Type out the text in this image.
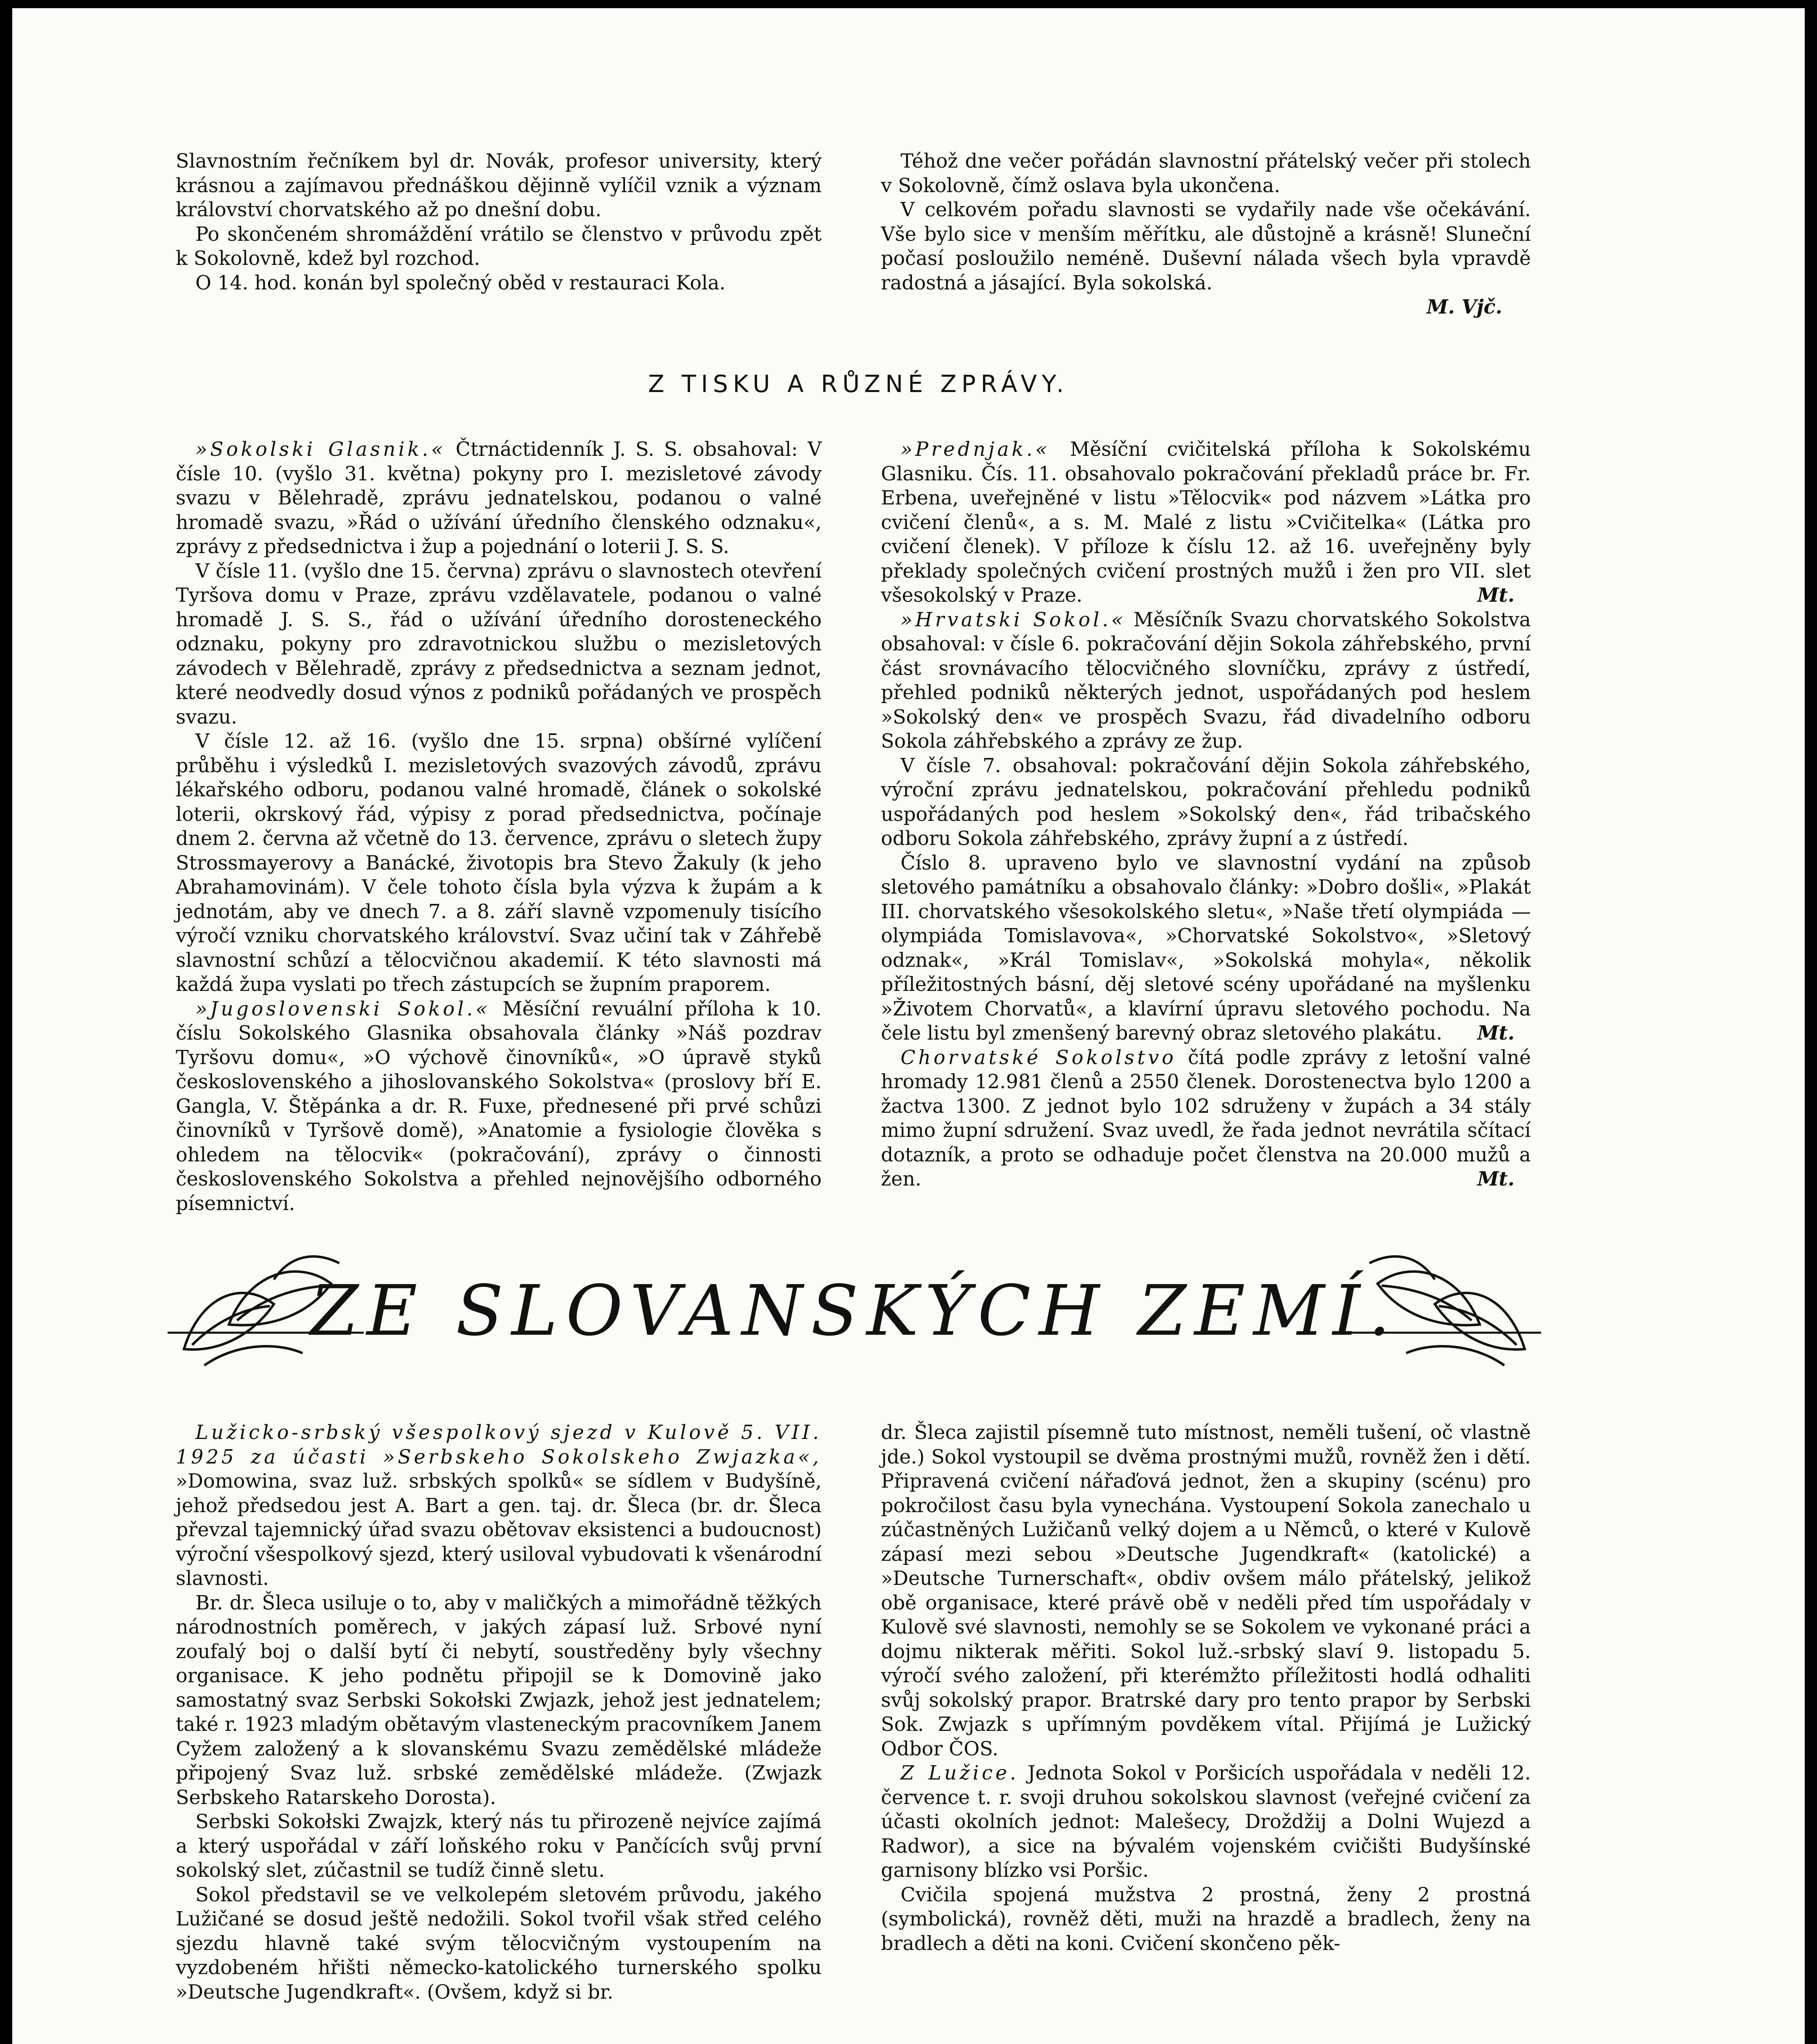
Slavnostním řečníkem byl dr. Novák, profesor university, který krásnou a zajímavou přednáškou dějinně vylíčil vznik a význam království chorvatského až po dnešní dobu.

Po skončeném shromáždění vrátilo se členstvo v průvodu zpět k Sokolovně, kdež byl rozchod.

O 14. hod. konán byl společný oběd v restauraci Kola.

Téhož dne večer pořádán slavnostní přátelský večer při stolech v Sokolovně, čímž oslava byla ukončena.

V celkovém pořadu slavnosti se vydařily nade vše očekávání. Vše bylo sice v menším měřítku, ale důstojně a krásně! Sluneční počasí posloužilo neméně. Duševní nálada všech byla vpravdě radostná a jásající. Byla sokolská.

M. Vjč.

Z TISKU A RŮZNÉ ZPRÁVY.

»Sokolski Glasnik.« Čtrnáctidenník J. S. S. obsahoval: V čísle 10. (vyšlo 31. května) pokyny pro I. mezisletové závody svazu v Bělehradě, zprávu jednatelskou, podanou o valné hromadě svazu, »Řád o užívání úředního členského odznaku«, zprávy z předsednictva i žup a pojednání o loterii J. S. S.

V čísle 11. (vyšlo dne 15. června) zprávu o slavnostech otevření Tyršova domu v Praze, zprávu vzdělavatele, podanou o valné hromadě J. S. S., řád o užívání úředního dorosteneckého odznaku, pokyny pro zdravotnickou službu o mezisletových závodech v Bělehradě, zprávy z předsednictva a seznam jednot, které neodvedly dosud výnos z podniků pořádaných ve prospěch svazu.

V čísle 12. až 16. (vyšlo dne 15. srpna) obšírné vylíčení průběhu i výsledků I. mezisletových svazových závodů, zprávu lékařského odboru, podanou valné hromadě, článek o sokolské loterii, okrskový řád, výpisy z porad předsednictva, počínaje dnem 2. června až včetně do 13. července, zprávu o sletech župy Strossmayerovy a Banácké, životopis bra Stevo Žakuly (k jeho Abrahamovinám). V čele tohoto čísla byla výzva k župám a k jednotám, aby ve dnech 7. a 8. září slavně vzpomenuly tisícího výročí vzniku chorvatského království. Svaz učiní tak v Záhřebě slavnostní schůzí a tělocvičnou akademií. K této slavnosti má každá župa vyslati po třech zástupcích se župním praporem.

»Jugoslovenski Sokol.« Měsíční revuální příloha k 10. číslu Sokolského Glasnika obsahovala články »Náš pozdrav Tyršovu domu«, »O výchově činovníků«, »O úpravě styků československého a jihoslovanského Sokolstva« (proslovy bří E. Gangla, V. Štěpánka a dr. R. Fuxe, přednesené při prvé schůzi činovníků v Tyršově domě), »Anatomie a fysiologie člověka s ohledem na tělocvik« (pokračování), zprávy o činnosti československého Sokolstva a přehled nejnovějšího odborného písemnictví.

»Prednjak.« Měsíční cvičitelská příloha k Sokolskému Glasniku. Čís. 11. obsahovalo pokračování překladů práce br. Fr. Erbena, uveřejněné v listu »Tělocvik« pod názvem »Látka pro cvičení členů«, a s. M. Malé z listu »Cvičitelka« (Látka pro cvičení členek). V příloze k číslu 12. až 16. uveřejněny byly překlady společných cvičení prostných mužů i žen pro VII. slet všesokolský v Praze.	Mt.

»Hrvatski Sokol.« Měsíčník Svazu chorvatského Sokolstva obsahoval: v čísle 6. pokračování dějin Sokola záhřebského, první část srovnávacího tělocvičného slovníčku, zprávy z ústředí, přehled podniků některých jednot, uspořádaných pod heslem »Sokolský den« ve prospěch Svazu, řád divadelního odboru Sokola záhřebského a zprávy ze žup.

V čísle 7. obsahoval: pokračování dějin Sokola záhřebského, výroční zprávu jednatelskou, pokračování přehledu podniků uspořádaných pod heslem »Sokolský den«, řád tribačského odboru Sokola záhřebského, zprávy župní a z ústředí.

Číslo 8. upraveno bylo ve slavnostní vydání na způsob sletového památníku a obsahovalo články: »Dobro došli«, »Plakát III. chorvatského všesokolského sletu«, »Naše třetí olympiáda — olympiáda Tomislavova«, »Chorvatské Sokolstvo«, »Sletový odznak«, »Král Tomislav«, »Sokolská mohyla«, několik příležitostných básní, děj sletové scény upořádané na myšlenku »Životem Chorvatů«, a klavírní úpravu sletového pochodu. Na čele listu byl zmenšený barevný obraz sletového plakátu.	Mt.

Chorvatské Sokolstvo čítá podle zprávy z letošní valné hromady 12.981 členů a 2550 členek. Dorostenectva bylo 1200 a žactva 1300. Z jednot bylo 102 sdruženy v župách a 34 stály mimo župní sdružení. Svaz uvedl, že řada jednot nevrátila sčítací dotazník, a proto se odhaduje počet členstva na 20.000 mužů a žen.	Mt.

ZE SLOVANSKÝCH ZEMÍ.

Lužicko-srbský všespolkový sjezd v Kulově 5. VII. 1925 za účasti »Serbskeho Sokolskeho Zwjazka«, »Domowina, svaz luž. srbských spolků« se sídlem v Budyšíně, jehož předsedou jest A. Bart a gen. taj. dr. Šleca (br. dr. Šleca převzal tajemnický úřad svazu obětovav eksistenci a budoucnost) výroční všespolkový sjezd, který usiloval vybudovati k všenárodní slavnosti.

Br. dr. Šleca usiluje o to, aby v maličkých a mimořádně těžkých národnostních poměrech, v jakých zápasí luž. Srbové nyní zoufalý boj o další bytí či nebytí, soustředěny byly všechny organisace. K jeho podnětu připojil se k Domovině jako samostatný svaz Serbski Sokołski Zwjazk, jehož jest jednatelem; také r. 1923 mladým obětavým vlasteneckým pracovníkem Janem Cyžem založený a k slovanskému Svazu zemědělské mládeže připojený Svaz luž. srbské zemědělské mládeže. (Zwjazk Serbskeho Ratarskeho Dorosta).

Serbski Sokołski Zwajzk, který nás tu přirozeně nejvíce zajímá a který uspořádal v září loňského roku v Pančících svůj první sokolský slet, zúčastnil se tudíž činně sletu.

Sokol představil se ve velkolepém sletovém průvodu, jakého Lužičané se dosud ještě nedožili. Sokol tvořil však střed celého sjezdu hlavně také svým tělocvičným vystoupením na vyzdobeném hřišti německo-katolického turnerského spolku »Deutsche Jugendkraft«. (Ovšem, když si br.

dr. Šleca zajistil písemně tuto místnost, neměli tušení, oč vlastně jde.) Sokol vystoupil se dvěma prostnými mužů, rovněž žen i dětí. Připravená cvičení nářaďová jednot, žen a skupiny (scénu) pro pokročilost času byla vynechána. Vystoupení Sokola zanechalo u zúčastněných Lužičanů velký dojem a u Němců, o které v Kulově zápasí mezi sebou »Deutsche Jugendkraft« (katolické) a »Deutsche Turnerschaft«, obdiv ovšem málo přátelský, jelikož obě organisace, které právě obě v neděli před tím uspořádaly v Kulově své slavnosti, nemohly se se Sokolem ve vykonané práci a dojmu nikterak měřiti. Sokol luž.-srbský slaví 9. listopadu 5. výročí svého založení, při kterémžto příležitosti hodlá odhaliti svůj sokolský prapor. Bratrské dary pro tento prapor by Serbski Sok. Zwjazk s upřímným povděkem vítal. Přijímá je Lužický Odbor ČOS.

Z Lužice. Jednota Sokol v Poršicích uspořádala v neděli 12. července t. r. svoji druhou sokolskou slavnost (veřejné cvičení za účasti okolních jednot: Malešecy, Droždžij a Dolni Wujezd a Radwor), a sice na bývalém vojenském cvičišti Budyšínské garnisony blízko vsi Poršic.

Cvičila spojená mužstva 2 prostná, ženy 2 prostná (symbolická), rovněž děti, muži na hrazdě a bradlech, ženy na bradlech a děti na koni. Cvičení skončeno pěk-
